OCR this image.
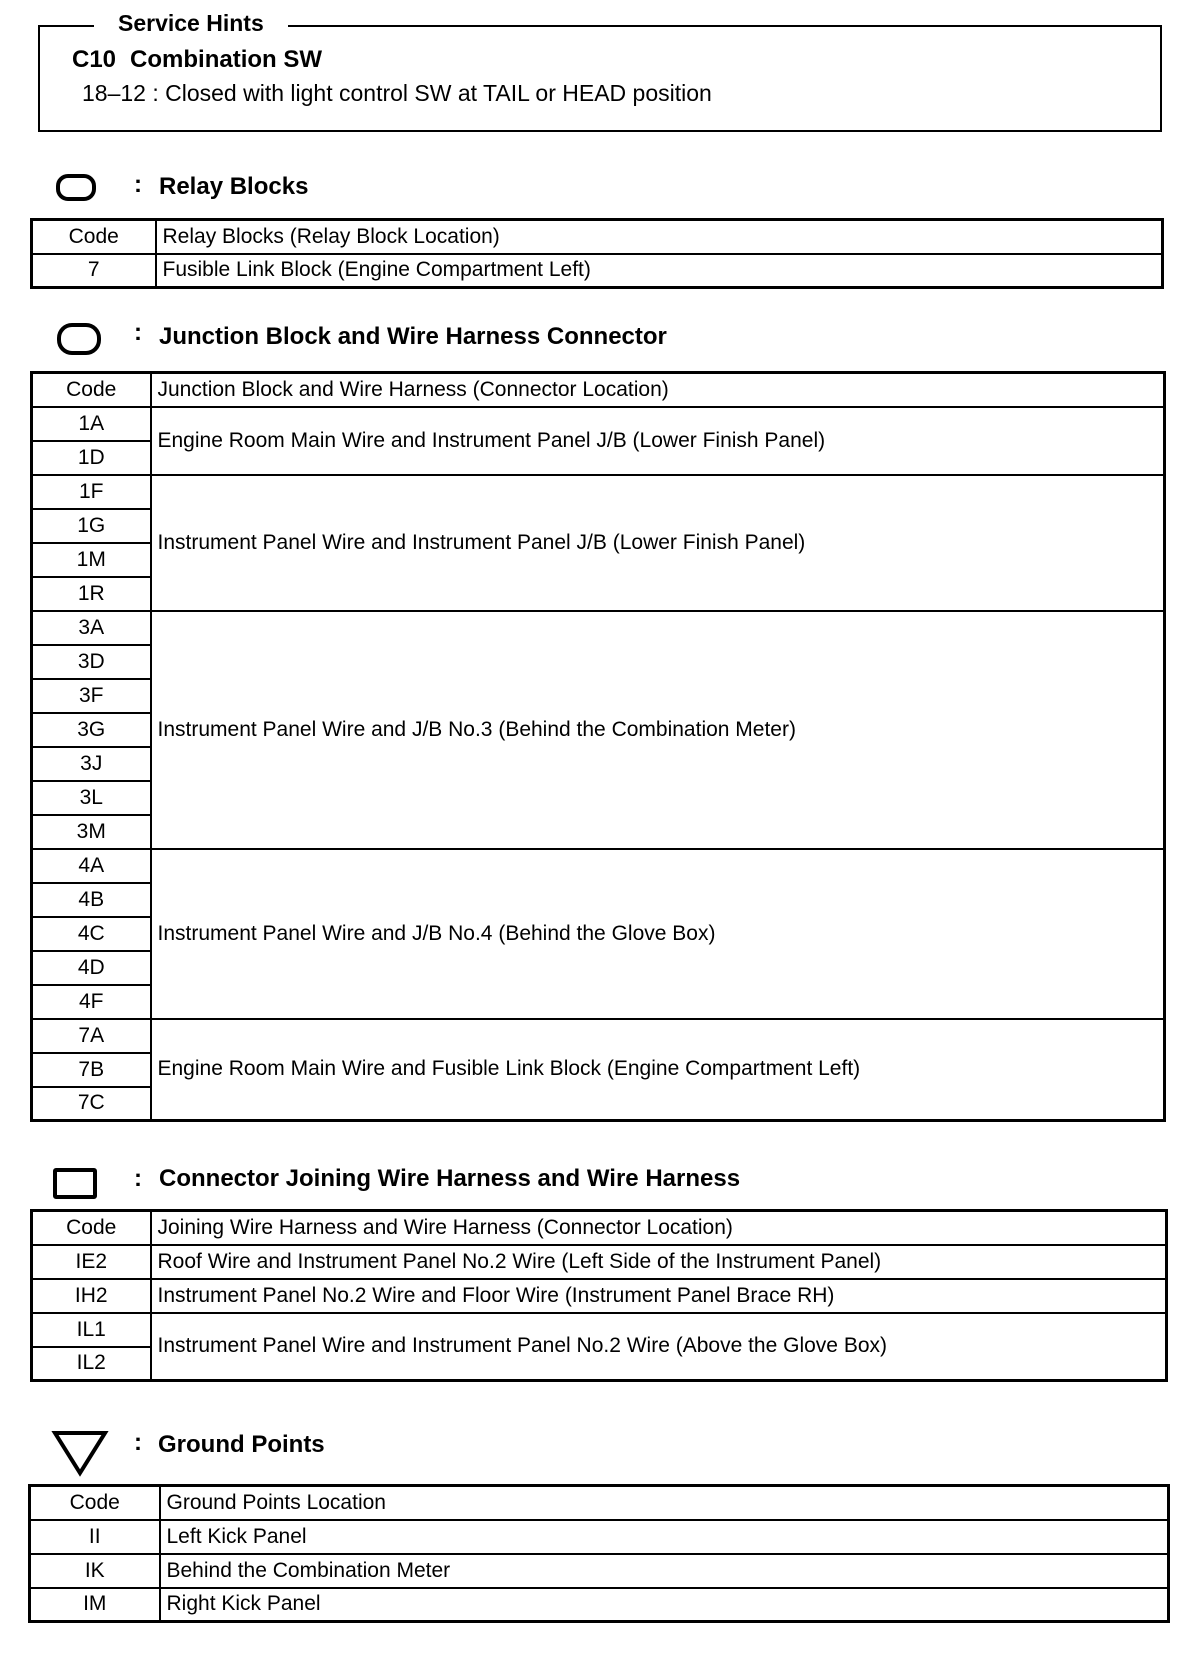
Service Hints
C10 Combination SW
18–12 : Closed with light control SW at TAIL or HEAD position
: Relay Blocks
Code	Relay Blocks (Relay Block Location)
7	Fusible Link Block (Engine Compartment Left)
: Junction Block and Wire Harness Connector
Code	Junction Block and Wire Harness (Connector Location)
1A	Engine Room Main Wire and Instrument Panel J/B (Lower Finish Panel)
1D	
1F	Instrument Panel Wire and Instrument Panel J/B (Lower Finish Panel)
1G	
1M	
1R	
3A	Instrument Panel Wire and J/B No.3 (Behind the Combination Meter)
3D	
3F	
3G	
3J	
3L	
3M	
4A	Instrument Panel Wire and J/B No.4 (Behind the Glove Box)
4B	
4C	
4D	
4F	
7A	Engine Room Main Wire and Fusible Link Block (Engine Compartment Left)
7B	
7C	
: Connector Joining Wire Harness and Wire Harness
Code	Joining Wire Harness and Wire Harness (Connector Location)
IE2	Roof Wire and Instrument Panel No.2 Wire (Left Side of the Instrument Panel)
IH2	Instrument Panel No.2 Wire and Floor Wire (Instrument Panel Brace RH)
IL1	Instrument Panel Wire and Instrument Panel No.2 Wire (Above the Glove Box)
IL2	
: Ground Points
Code	Ground Points Location
II	Left Kick Panel
IK	Behind the Combination Meter
IM	Right Kick Panel
